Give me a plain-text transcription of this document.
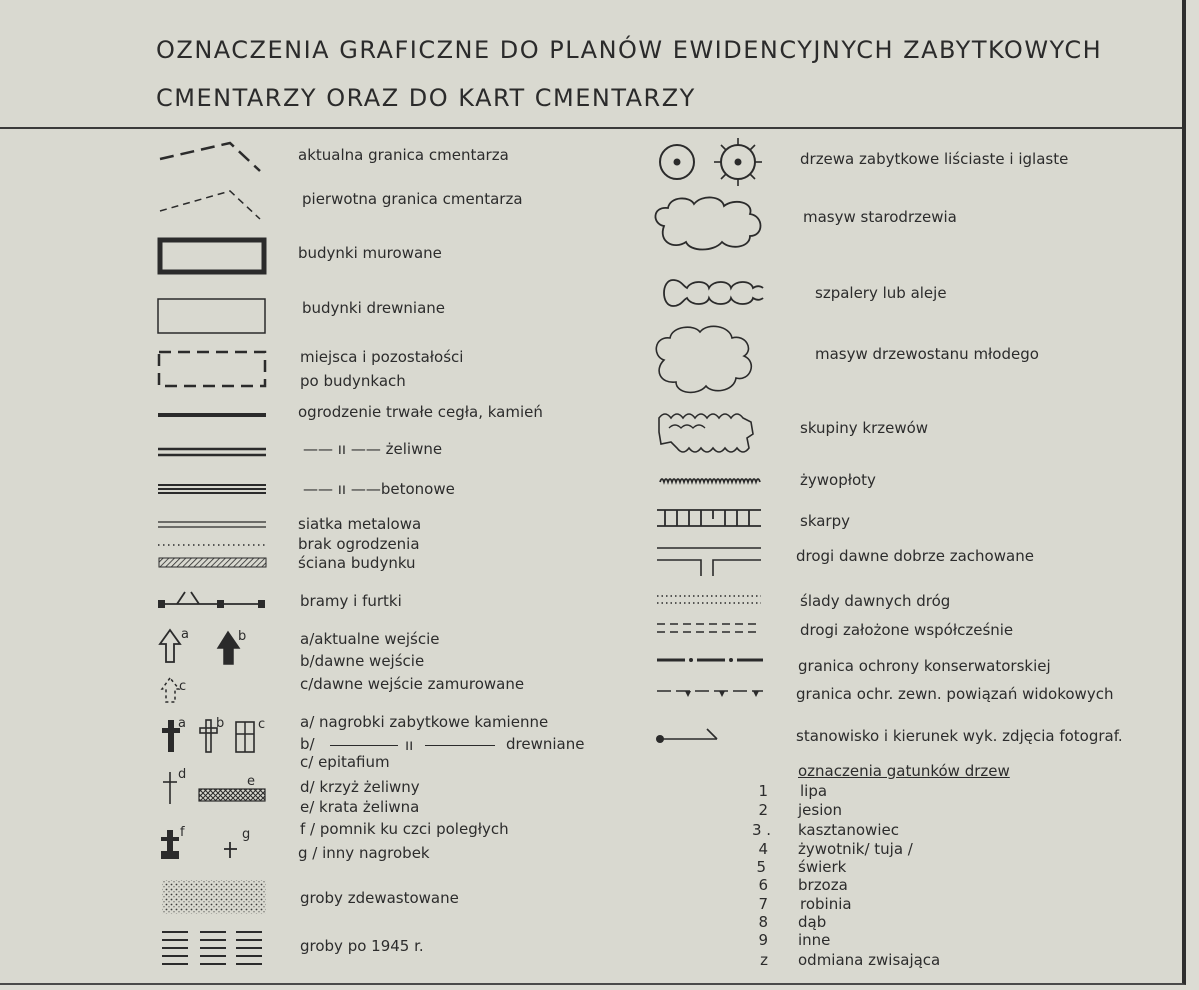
OZNACZENIA GRAFICZNE DO PLANÓW EWIDENCYJNYCH ZABYTKOWYCH
CMENTARZY ORAZ DO KART CMENTARZY
aktualna granica cmentarza
pierwotna granica cmentarza
budynki murowane
budynki drewniane
miejsca i pozostałości
po budynkach
ogrodzenie trwałe cegła, kamień
—— ıı —— żeliwne
—— ıı ——betonowe
siatka metalowa
brak ogrodzenia
ściana budynku
bramy i furtki
a	b
c
a/aktualne wejście
b/dawne wejście
c/dawne wejście zamurowane
a b	c a/ nagrobki zabytkowe kamienne
b/	ıı	drewniane
c/ epitafium
d	e	d/ krzyż żeliwny
e/ krata żeliwna
f	g	f / pomnik ku czci poległych
g / inny nagrobek
groby zdewastowane
groby po 1945 r.
drzewa zabytkowe liściaste i iglaste
masyw starodrzewia
szpalery lub aleje
masyw drzewostanu młodego
skupiny krzewów
żywopłoty
skarpy
drogi dawne dobrze zachowane
ślady dawnych dróg
drogi założone współcześnie
granica ochrony konserwatorskiej
granica ochr. zewn. powiązań widokowych
stanowisko i kierunek wyk. zdjęcia fotograf.
oznaczenia gatunków drzew
1 lipa
2 jesion
3 .	kasztanowiec
4 żywotnik/ tuja /
5 świerk
6 brzoza
7 robinia
8 dąb
9 inne
z odmiana zwisająca
